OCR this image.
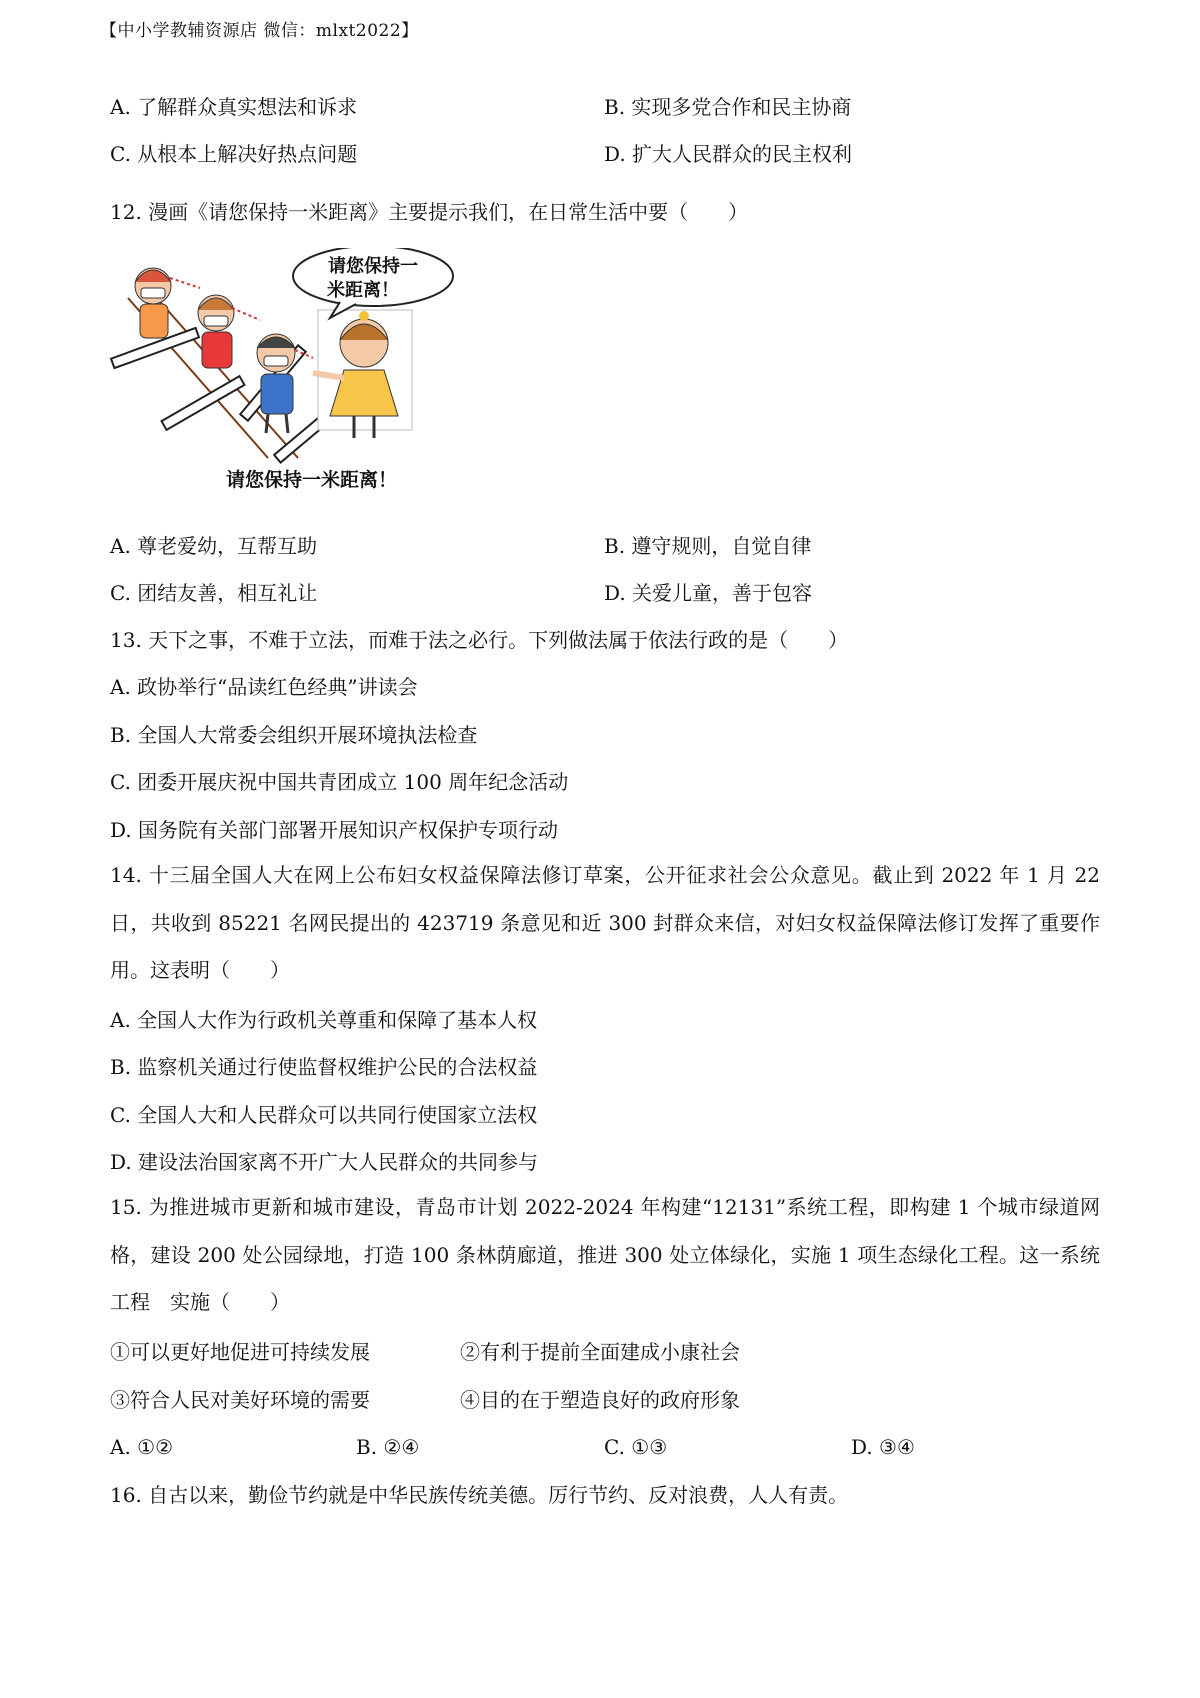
【中小学教辅资源店 微信：mlxt2022】
A. 了解群众真实想法和诉求	B. 实现多党合作和民主协商
C. 从根本上解决好热点问题	D. 扩大人民群众的民主权利
12. 漫画《请您保持一米距离》主要提示我们，在日常生活中要（　　）
请您保持一
米距离！
请您保持一米距离！
A. 尊老爱幼，互帮互助	B. 遵守规则，自觉自律
C. 团结友善，相互礼让	D. 关爱儿童，善于包容
13. 天下之事，不难于立法，而难于法之必行。下列做法属于依法行政的是（　　）
A. 政协举行“品读红色经典”讲读会
B. 全国人大常委会组织开展环境执法检查
C. 团委开展庆祝中国共青团成立 100 周年纪念活动
D. 国务院有关部门部署开展知识产权保护专项行动
14. 十三届全国人大在网上公布妇女权益保障法修订草案，公开征求社会公众意见。截止到 2022 年 1 月 22 日，共收到 85221 名网民提出的 423719 条意见和近 300 封群众来信，对妇女权益保障法修订发挥了重要作用。这表明（　　）
A. 全国人大作为行政机关尊重和保障了基本人权
B. 监察机关通过行使监督权维护公民的合法权益
C. 全国人大和人民群众可以共同行使国家立法权
D. 建设法治国家离不开广大人民群众的共同参与
15. 为推进城市更新和城市建设，青岛市计划 2022-2024 年构建“12131”系统工程，即构建 1 个城市绿道网格，建设 200 处公园绿地，打造 100 条林荫廊道，推进 300 处立体绿化，实施 1 项生态绿化工程。这一系统工程　实施（　　）
①可以更好地促进可持续发展	②有利于提前全面建成小康社会
③符合人民对美好环境的需要	④目的在于塑造良好的政府形象
A. ①②	B. ②④	C. ①③	D. ③④
16. 自古以来，勤俭节约就是中华民族传统美德。厉行节约、反对浪费，人人有责。
